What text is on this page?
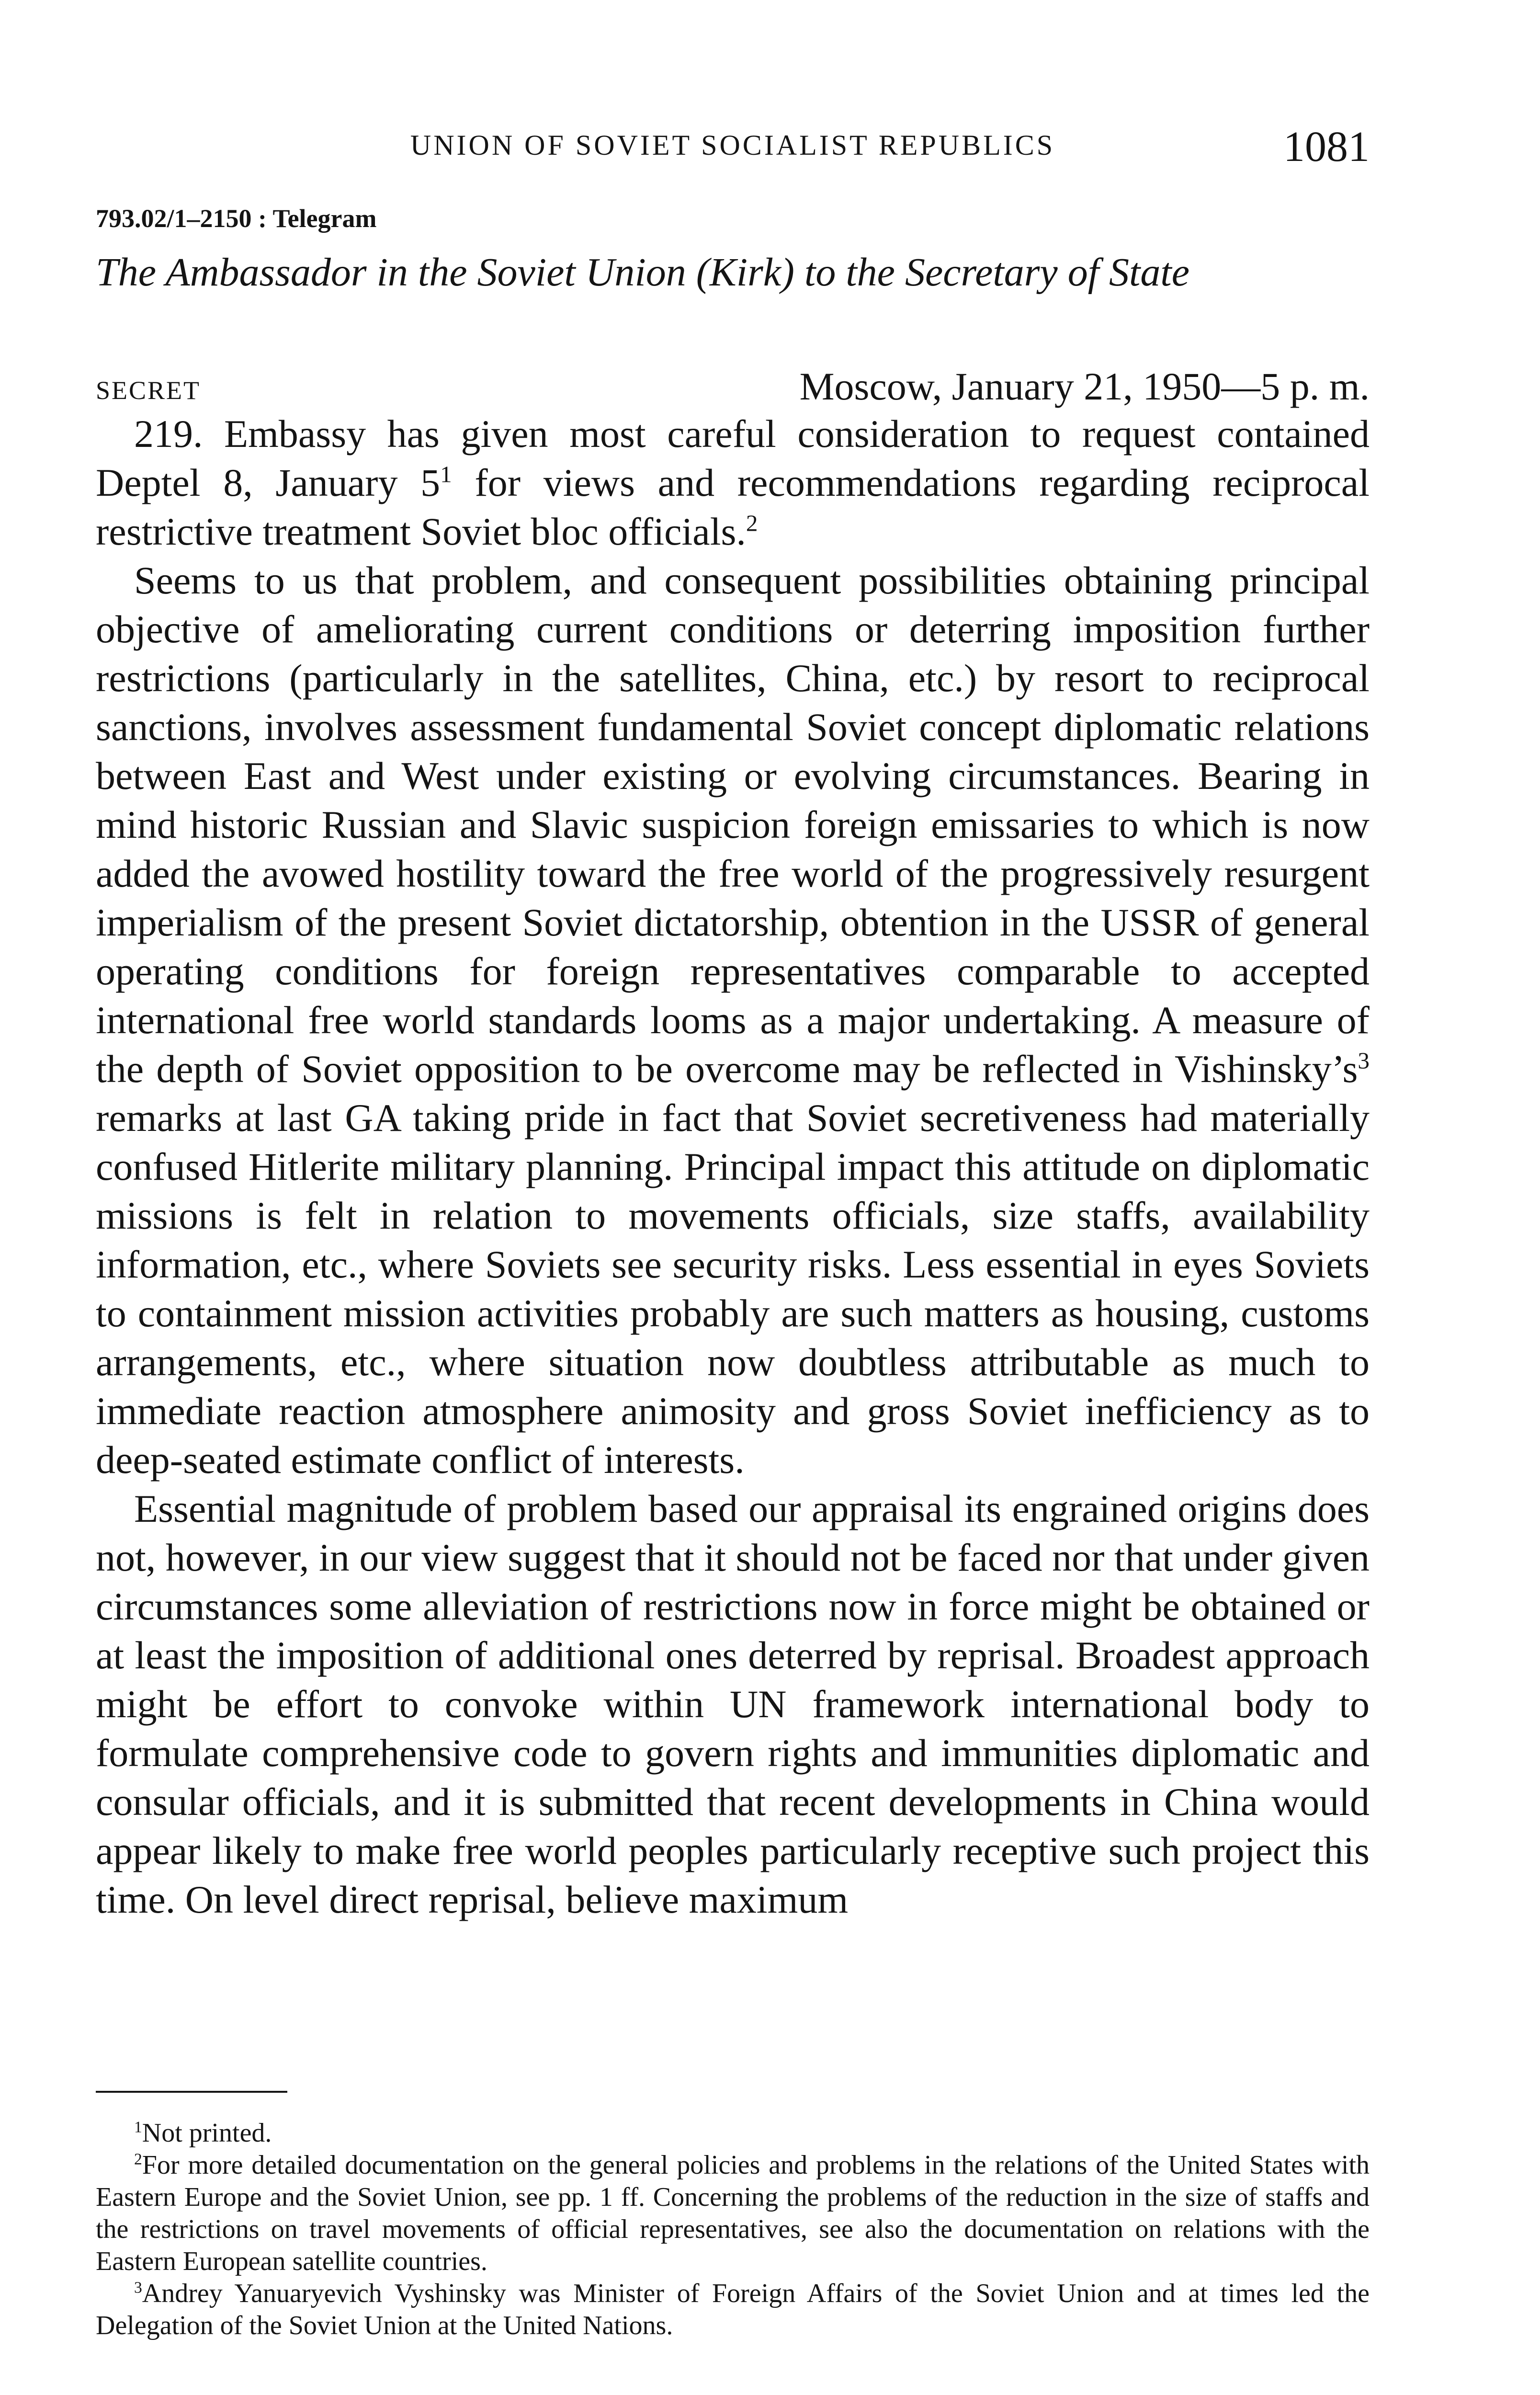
UNION OF SOVIET SOCIALIST REPUBLICS	1081
793.02/1–2150 : Telegram
The Ambassador in the Soviet Union (Kirk) to the Secretary of State
SECRET	Moscow, January 21, 1950—5 p. m.

219. Embassy has given most careful consideration to request contained Deptel 8, January $5^1$ for views and recommendations regarding reciprocal restrictive treatment Soviet bloc officials.$^2$

Seems to us that problem, and consequent possibilities obtaining principal objective of ameliorating current conditions or deterring imposition further restrictions (particularly in the satellites, China, etc.) by resort to reciprocal sanctions, involves assessment fundamental Soviet concept diplomatic relations between East and West under existing or evolving circumstances. Bearing in mind historic Russian and Slavic suspicion foreign emissaries to which is now added the avowed hostility toward the free world of the progressively resurgent imperialism of the present Soviet dictatorship, obtention in the USSR of general operating conditions for foreign representatives comparable to accepted international free world standards looms as a major undertaking. A measure of the depth of Soviet opposition to be overcome may be reflected in $Vishinsky’s^3$ remarks at last GA taking pride in fact that Soviet secretiveness had materially confused Hitlerite military planning. Principal impact this attitude on diplomatic missions is felt in relation to movements officials, size staffs, availability information, etc., where Soviets see security risks. Less essential in eyes Soviets to containment mission activities probably are such matters as housing, customs arrangements, etc., where situation now doubtless attributable as much to immediate reaction atmosphere animosity and gross Soviet inefficiency as to deep-seated estimate conflict of interests.

Essential magnitude of problem based our appraisal its engrained origins does not, however, in our view suggest that it should not be faced nor that under given circumstances some alleviation of restrictions now in force might be obtained or at least the imposition of additional ones deterred by reprisal. Broadest approach might be effort to convoke within UN framework international body to formulate comprehensive code to govern rights and immunities diplomatic and consular officials, and it is submitted that recent developments in China would appear likely to make free world peoples particularly receptive such project this time. On level direct reprisal, believe maximum

$^1$Not printed.

$^2$For more detailed documentation on the general policies and problems in the relations of the United States with Eastern Europe and the Soviet Union, see pp. 1 ff. Concerning the problems of the reduction in the size of staffs and the restrictions on travel movements of official representatives, see also the documentation on relations with the Eastern European satellite countries.

$^3$Andrey Yanuaryevich Vyshinsky was Minister of Foreign Affairs of the Soviet Union and at times led the Delegation of the Soviet Union at the United Nations.
